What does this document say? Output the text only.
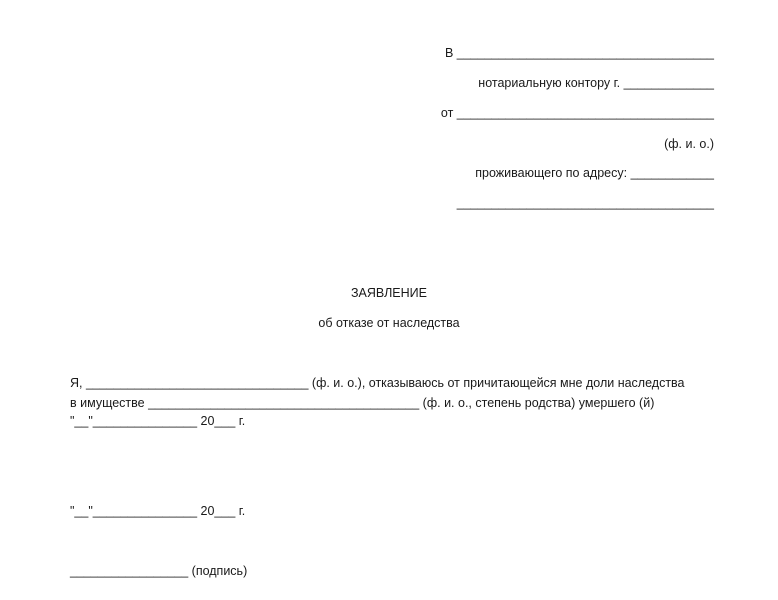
В _____________________________________
нотариальную контору г. _____________
от _____________________________________
(ф. и. о.)
проживающего по адресу: ____________
_____________________________________
ЗАЯВЛЕНИЕ
об отказе от наследства
Я, ________________________________ (ф. и. о.), отказываюсь от причитающейся мне доли наследства
в имуществе _______________________________________ (ф. и. о., степень родства) умершего (й)
"__"_______________ 20___ г.
"__"_______________ 20___ г.
_________________ (подпись)
